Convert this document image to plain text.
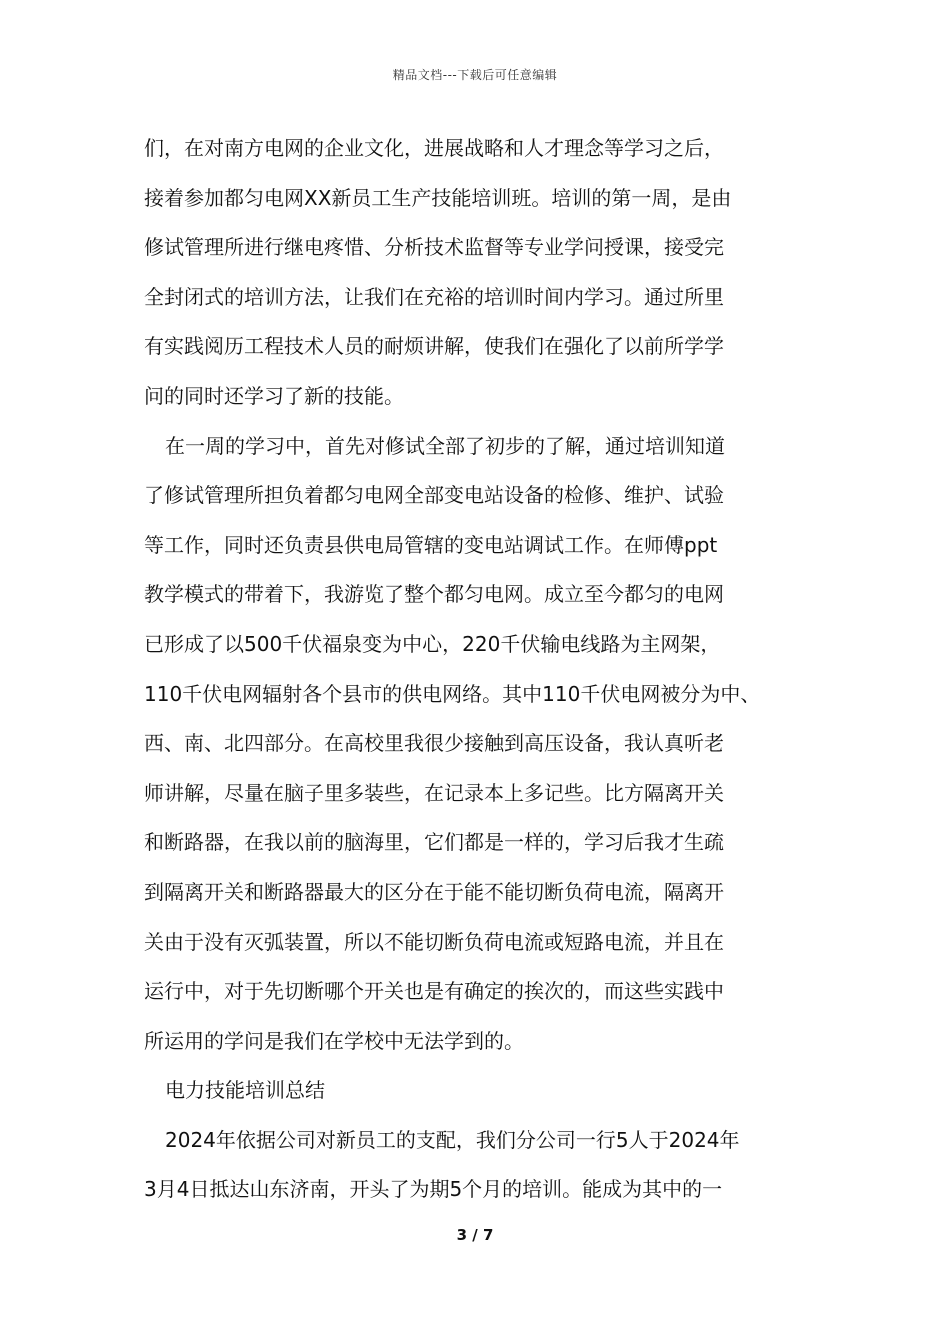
精品文档---下载后可任意编辑
们，在对南方电网的企业文化，进展战略和人才理念等学习之后，
接着参加都匀电网XX新员工生产技能培训班。培训的第一周，是由
修试管理所进行继电疼惜、分析技术监督等专业学问授课，接受完
全封闭式的培训方法，让我们在充裕的培训时间内学习。通过所里
有实践阅历工程技术人员的耐烦讲解，使我们在强化了以前所学学
问的同时还学习了新的技能。
在一周的学习中，首先对修试全部了初步的了解，通过培训知道
了修试管理所担负着都匀电网全部变电站设备的检修、维护、试验
等工作，同时还负责县供电局管辖的变电站调试工作。在师傅ppt
教学模式的带着下，我游览了整个都匀电网。成立至今都匀的电网
已形成了以500千伏福泉变为中心，220千伏输电线路为主网架，
110千伏电网辐射各个县市的供电网络。其中110千伏电网被分为中、
西、南、北四部分。在高校里我很少接触到高压设备，我认真听老
师讲解，尽量在脑子里多装些，在记录本上多记些。比方隔离开关
和断路器，在我以前的脑海里，它们都是一样的，学习后我才生疏
到隔离开关和断路器最大的区分在于能不能切断负荷电流，隔离开
关由于没有灭弧装置，所以不能切断负荷电流或短路电流，并且在
运行中，对于先切断哪个开关也是有确定的挨次的，而这些实践中
所运用的学问是我们在学校中无法学到的。
电力技能培训总结
2024年依据公司对新员工的支配，我们分公司一行5人于2024年
3月4日抵达山东济南，开头了为期5个月的培训。能成为其中的一
3 / 7
